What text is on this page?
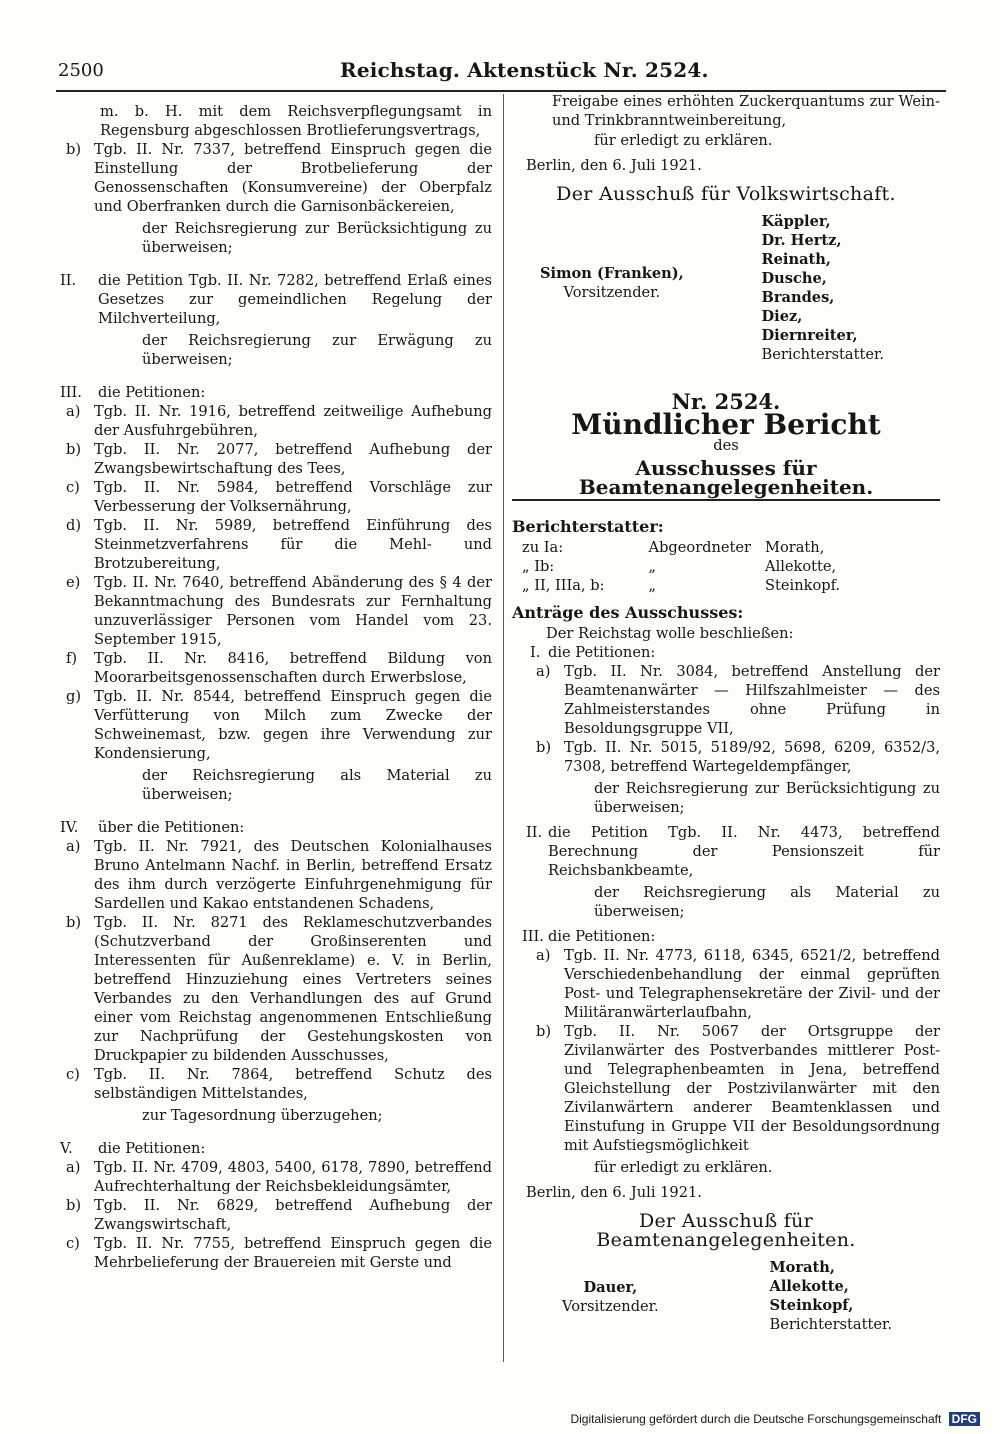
2500	Reichstag. Aktenstück Nr. 2524.

m. b. H. mit dem Reichsverpflegungsamt in Regensburg abgeschlossen Brotlieferungsvertrags,

b) Tgb. II. Nr. 7337, betreffend Einspruch gegen die Einstellung der Brotbelieferung der Genossenschaften (Konsumvereine) der Oberpfalz und Oberfranken durch die Garnisonbäckereien,

der Reichsregierung zur Berücksichtigung zu überweisen;

II. die Petition Tgb. II. Nr. 7282, betreffend Erlaß eines Gesetzes zur gemeindlichen Regelung der Milchverteilung,

der Reichsregierung zur Erwägung zu überweisen;

III. die Petitionen:
a) Tgb. II. Nr. 1916, betreffend zeitweilige Aufhebung der Ausfuhrgebühren,
b) Tgb. II. Nr. 2077, betreffend Aufhebung der Zwangsbewirtschaftung des Tees,
c) Tgb. II. Nr. 5984, betreffend Vorschläge zur Verbesserung der Volksernährung,
d) Tgb. II. Nr. 5989, betreffend Einführung des Steinmetzverfahrens für die Mehl- und Brotzubereitung,
e) Tgb. II. Nr. 7640, betreffend Abänderung des § 4 der Bekanntmachung des Bundesrats zur Fernhaltung unzuverlässiger Personen vom Handel vom 23. September 1915,
f) Tgb. II. Nr. 8416, betreffend Bildung von Moorarbeitsgenossenschaften durch Erwerbslose,
g) Tgb. II. Nr. 8544, betreffend Einspruch gegen die Verfütterung von Milch zum Zwecke der Schweinemast, bzw. gegen ihre Verwendung zur Kondensierung,

der Reichsregierung als Material zu überweisen;

IV. über die Petitionen:
a) Tgb. II. Nr. 7921, des Deutschen Kolonialhauses Bruno Antelmann Nachf. in Berlin, betreffend Ersatz des ihm durch verzögerte Einfuhrgenehmigung für Sardellen und Kakao entstandenen Schadens,
b) Tgb. II. Nr. 8271 des Reklameschutzverbandes (Schutzverband der Großinserenten und Interessenten für Außenreklame) e. V. in Berlin, betreffend Hinzuziehung eines Vertreters seines Verbandes zu den Verhandlungen des auf Grund einer vom Reichstag angenommenen Entschließung zur Nachprüfung der Gestehungskosten von Druckpapier zu bildenden Ausschusses,
c) Tgb. II. Nr. 7864, betreffend Schutz des selbständigen Mittelstandes,

zur Tagesordnung überzugehen;

V. die Petitionen:
a) Tgb. II. Nr. 4709, 4803, 5400, 6178, 7890, betreffend Aufrechterhaltung der Reichsbekleidungsämter,
b) Tgb. II. Nr. 6829, betreffend Aufhebung der Zwangswirtschaft,
c) Tgb. II. Nr. 7755, betreffend Einspruch gegen die Mehrbelieferung der Brauereien mit Gerste und

Freigabe eines erhöhten Zuckerquantums zur Wein- und Trinkbranntweinbereitung,

für erledigt zu erklären.

Berlin, den 6. Juli 1921.

Der Ausschuß für Volkswirtschaft.
Simon (Franken),
Vorsitzender.
Käppler,
Dr. Hertz,
Reinath,
Dusche,
Brandes,
Diez,
Diernreiter,
Berichterstatter.
Nr. 2524.
Mündlicher Bericht

des

Ausschusses für Beamtenangelegenheiten.
Berichterstatter:
zu Ia:	Abgeordneter	Morath,
„ Ib:	„	Allekotte,
„ II, IIIa, b:	„	Steinkopf.
Anträge des Ausschusses:

Der Reichstag wolle beschließen:

I. die Petitionen:
a) Tgb. II. Nr. 3084, betreffend Anstellung der Beamtenanwärter — Hilfszahlmeister — des Zahlmeisterstandes ohne Prüfung in Besoldungsgruppe VII,
b) Tgb. II. Nr. 5015, 5189/92, 5698, 6209, 6352/3, 7308, betreffend Wartegeldempfänger,

der Reichsregierung zur Berücksichtigung zu überweisen;

II. die Petition Tgb. II. Nr. 4473, betreffend Berechnung der Pensionszeit für Reichsbankbeamte,

der Reichsregierung als Material zu überweisen;

III. die Petitionen:
a) Tgb. II. Nr. 4773, 6118, 6345, 6521/2, betreffend Verschiedenbehandlung der einmal geprüften Post- und Telegraphensekretäre der Zivil- und der Militäranwärterlaufbahn,
b) Tgb. II. Nr. 5067 der Ortsgruppe der Zivilanwärter des Postverbandes mittlerer Post- und Telegraphenbeamten in Jena, betreffend Gleichstellung der Postzivilanwärter mit den Zivilanwärtern anderer Beamtenklassen und Einstufung in Gruppe VII der Besoldungsordnung mit Aufstiegsmöglichkeit

für erledigt zu erklären.

Berlin, den 6. Juli 1921.

Der Ausschuß für Beamtenangelegenheiten.
Dauer,
Vorsitzender.
Morath,
Allekotte,
Steinkopf,
Berichterstatter.
Digitalisierung gefördert durch die Deutsche Forschungsgemeinschaft DFG
